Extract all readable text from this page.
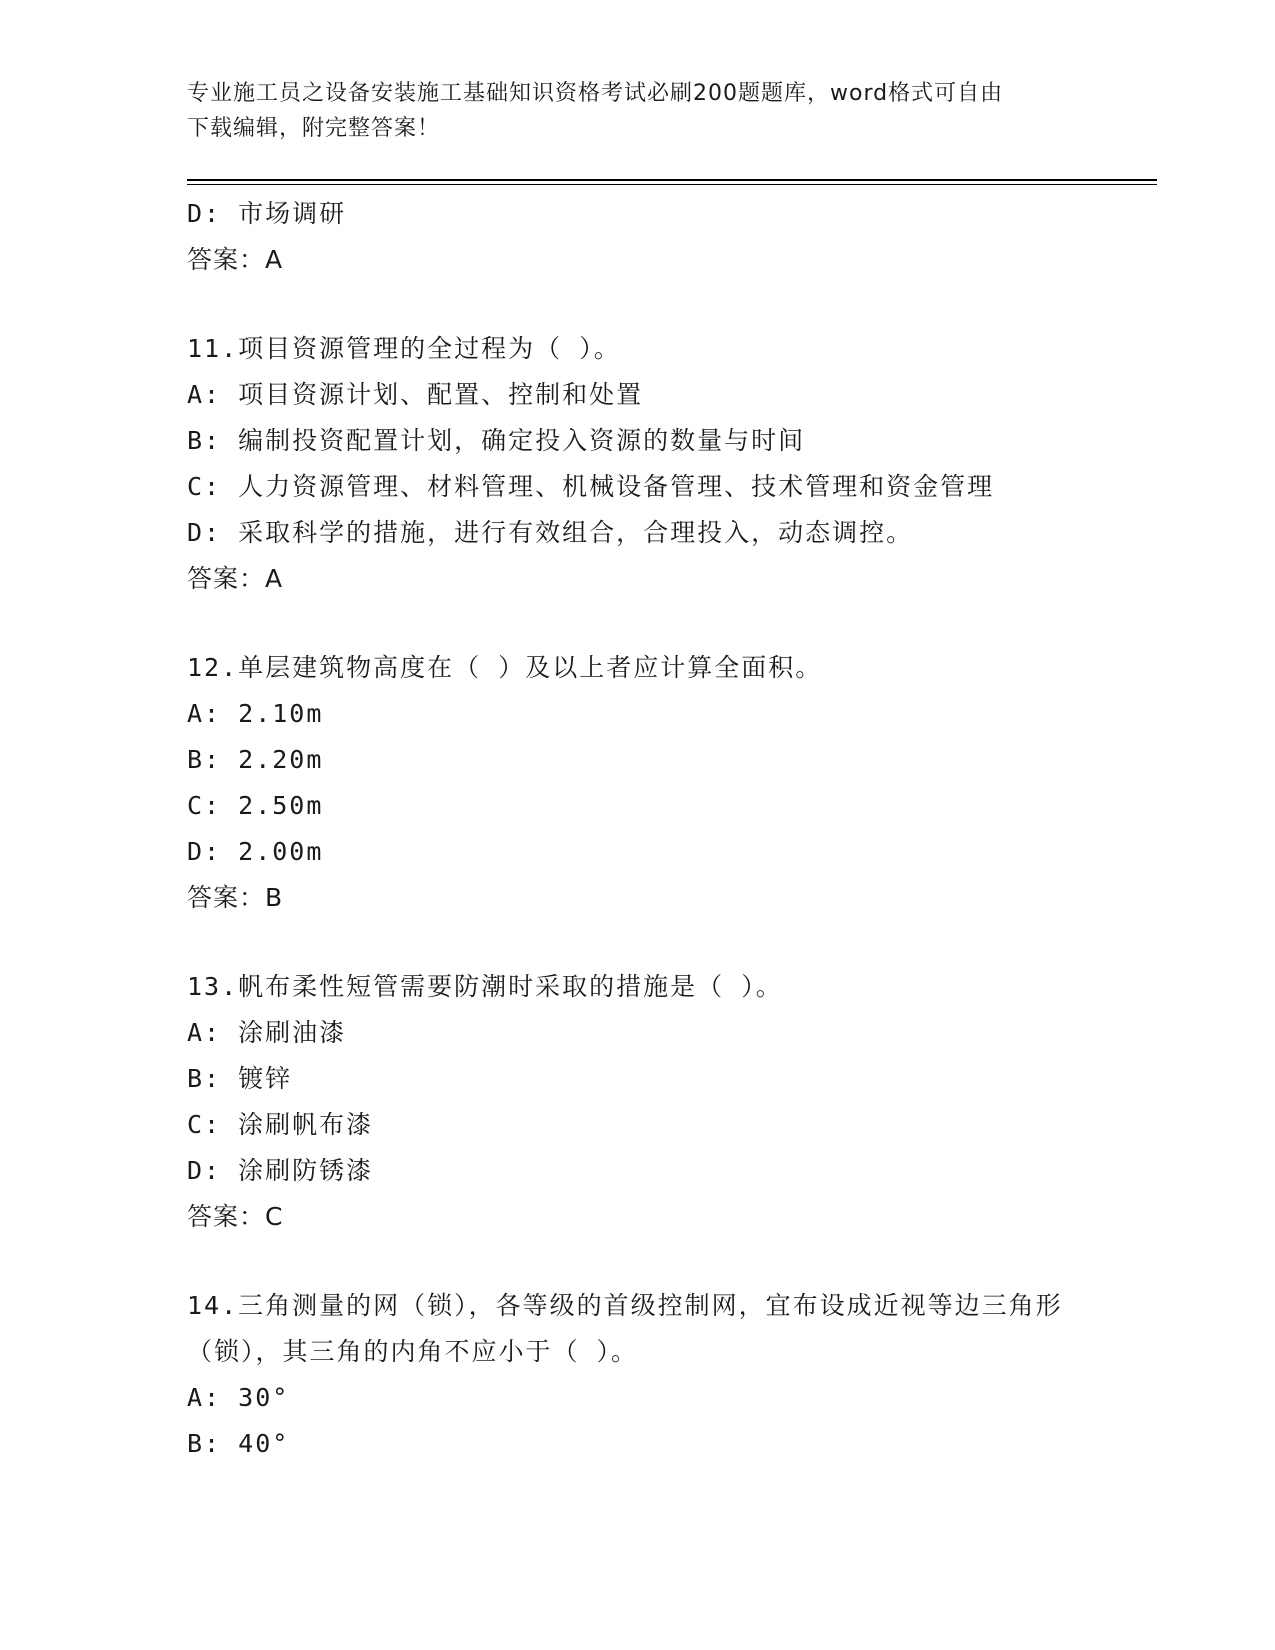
专业施工员之设备安装施工基础知识资格考试必刷200题题库，word格式可自由
下载编辑，附完整答案！
D: 市场调研
答案：A
11.项目资源管理的全过程为（ ）。
A: 项目资源计划、配置、控制和处置
B: 编制投资配置计划，确定投入资源的数量与时间
C: 人力资源管理、材料管理、机械设备管理、技术管理和资金管理
D: 采取科学的措施，进行有效组合，合理投入，动态调控。
答案：A
12.单层建筑物高度在（ ）及以上者应计算全面积。
A: 2.10m
B: 2.20m
C: 2.50m
D: 2.00m
答案：B
13.帆布柔性短管需要防潮时采取的措施是（ ）。
A: 涂刷油漆
B: 镀锌
C: 涂刷帆布漆
D: 涂刷防锈漆
答案：C
14.三角测量的网（锁），各等级的首级控制网，宜布设成近视等边三角形（锁），其三角的内角不应小于（ ）。
A: 30°
B: 40°
